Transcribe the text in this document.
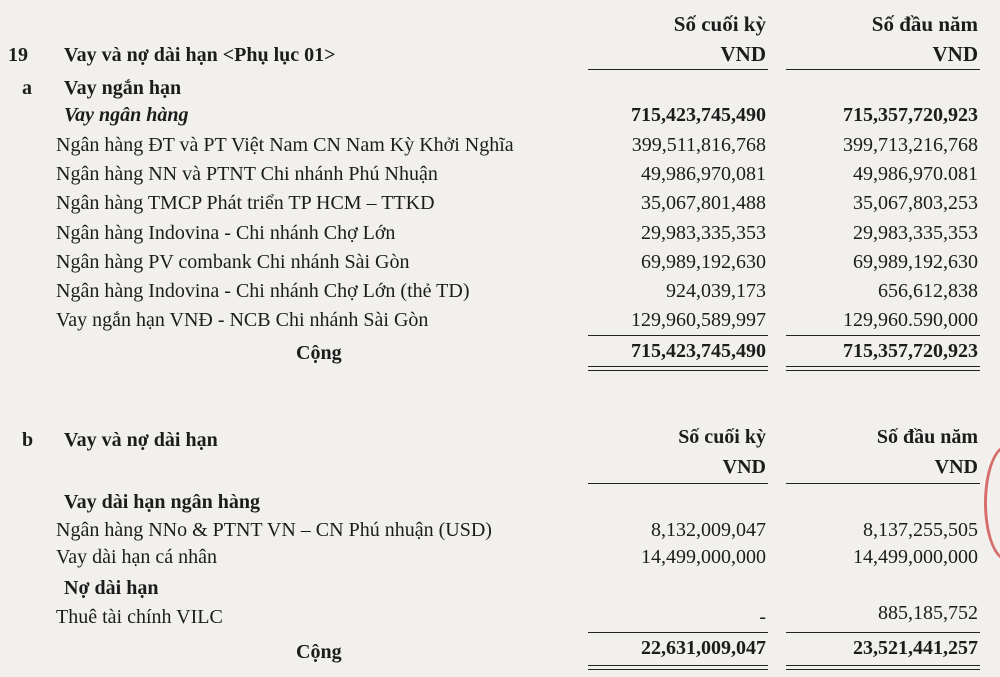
Số cuối kỳ	Số đầu năm
19 Vay và nợ dài hạn <Phụ lục 01>	VND	VND
a Vay ngắn hạn
Vay ngân hàng	715,423,745,490	715,357,720,923
Ngân hàng ĐT và PT Việt Nam CN Nam Kỳ Khởi Nghĩa	399,511,816,768	399,713,216,768
Ngân hàng NN và PTNT Chi nhánh Phú Nhuận	49,986,970,081	49,986,970.081
Ngân hàng TMCP Phát triển TP HCM – TTKD	35,067,801,488	35,067,803,253
Ngân hàng Indovina - Chi nhánh Chợ Lớn	29,983,335,353	29,983,335,353
Ngân hàng PV combank Chi nhánh Sài Gòn	69,989,192,630	69,989,192,630
Ngân hàng Indovina - Chi nhánh Chợ Lớn (thẻ TD)	924,039,173	656,612,838
Vay ngắn hạn VNĐ - NCB Chi nhánh Sài Gòn	129,960,589,997	129,960.590,000
Cộng	715,423,745,490	715,357,720,923
b Vay và nợ dài hạn	Số cuối kỳ	Số đầu năm
VND	VND
Vay dài hạn ngân hàng
Ngân hàng NNo & PTNT VN – CN Phú nhuận (USD)	8,132,009,047	8,137,255,505
Vay dài hạn cá nhân	14,499,000,000	14,499,000,000
Nợ dài hạn
Thuê tài chính VILC	-	885,185,752
Cộng	22,631,009,047	23,521,441,257
